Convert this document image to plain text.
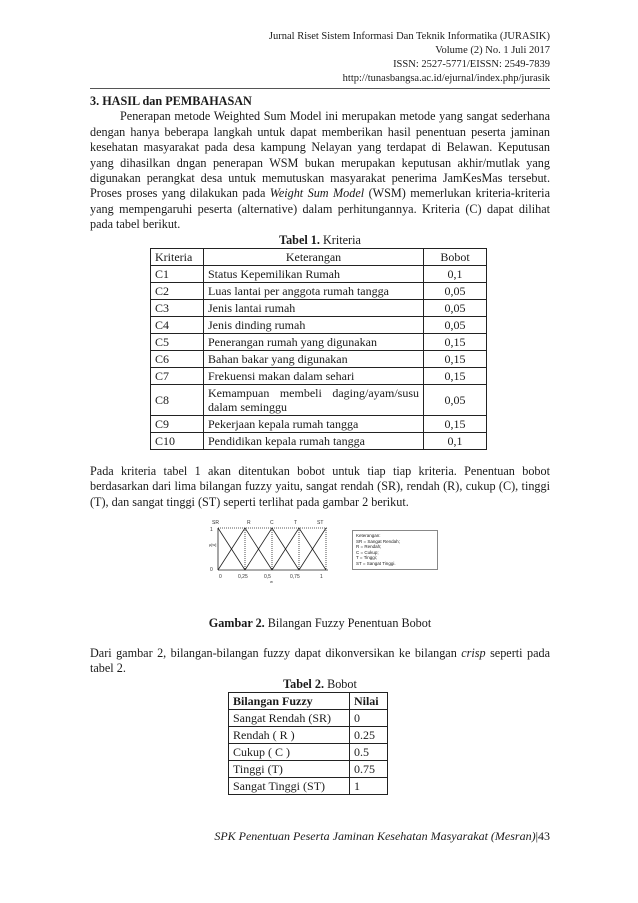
Jurnal Riset Sistem Informasi Dan Teknik Informatika (JURASIK)
Volume (2) No. 1 Juli 2017
ISSN: 2527-5771/EISSN: 2549-7839
http://tunasbangsa.ac.id/ejurnal/index.php/jurasik
3. HASIL dan PEMBAHASAN

Penerapan metode Weighted Sum Model ini merupakan metode yang sangat sederhana dengan hanya beberapa langkah untuk dapat memberikan hasil penentuan peserta jaminan kesehatan masyarakat pada desa kampung Nelayan yang terdapat di Belawan. Keputusan yang dihasilkan dngan penerapan WSM bukan merupakan keputusan akhir/mutlak yang digunakan perangkat desa untuk memutuskan masyarakat penerima JamKesMas tersebut. Proses proses yang dilakukan pada Weight Sum Model (WSM) memerlukan kriteria-kriteria yang mempengaruhi peserta (alternative) dalam perhitungannya. Kriteria (C) dapat dilihat pada tabel berikut.

Tabel 1. Kriteria
Kriteria	Keterangan	Bobot
C1	Status Kepemilikan Rumah	0,1
C2	Luas lantai per anggota rumah tangga	0,05
C3	Jenis lantai rumah	0,05
C4	Jenis dinding rumah	0,05
C5	Penerangan rumah yang digunakan	0,15
C6	Bahan bakar yang digunakan	0,15
C7	Frekuensi makan dalam sehari	0,15
C8	Kemampuan membeli daging/ayam/susu dalam seminggu	0,05
C9	Pekerjaan kepala rumah tangga	0,15
C10	Pendidikan kepala rumah tangga	0,1

Pada kriteria tabel 1 akan ditentukan bobot untuk tiap tiap kriteria. Penentuan bobot berdasarkan dari lima bilangan fuzzy yaitu, sangat rendah (SR), rendah (R), cukup (C), tinggi (T), dan sangat tinggi (ST) seperti terlihat pada gambar 2 berikut.

SR	R	C	T	ST
1
μ[w]
0
0	0,25	0,5	0,75	1
w
Keterangan:
SR = Sangat Rendah;
R = Rendah;
C = Cukup;
T = Tinggi;
ST = Sangat Tinggi.
Gambar 2. Bilangan Fuzzy Penentuan Bobot

Dari gambar 2, bilangan-bilangan fuzzy dapat dikonversikan ke bilangan crisp seperti pada tabel 2.

Tabel 2. Bobot
Bilangan Fuzzy	Nilai
Sangat Rendah (SR)	0
Rendah ( R )	0.25
Cukup ( C )	0.5
Tinggi (T)	0.75
Sangat Tinggi (ST)	1
SPK Penentuan Peserta Jaminan Kesehatan Masyarakat (Mesran)|43
